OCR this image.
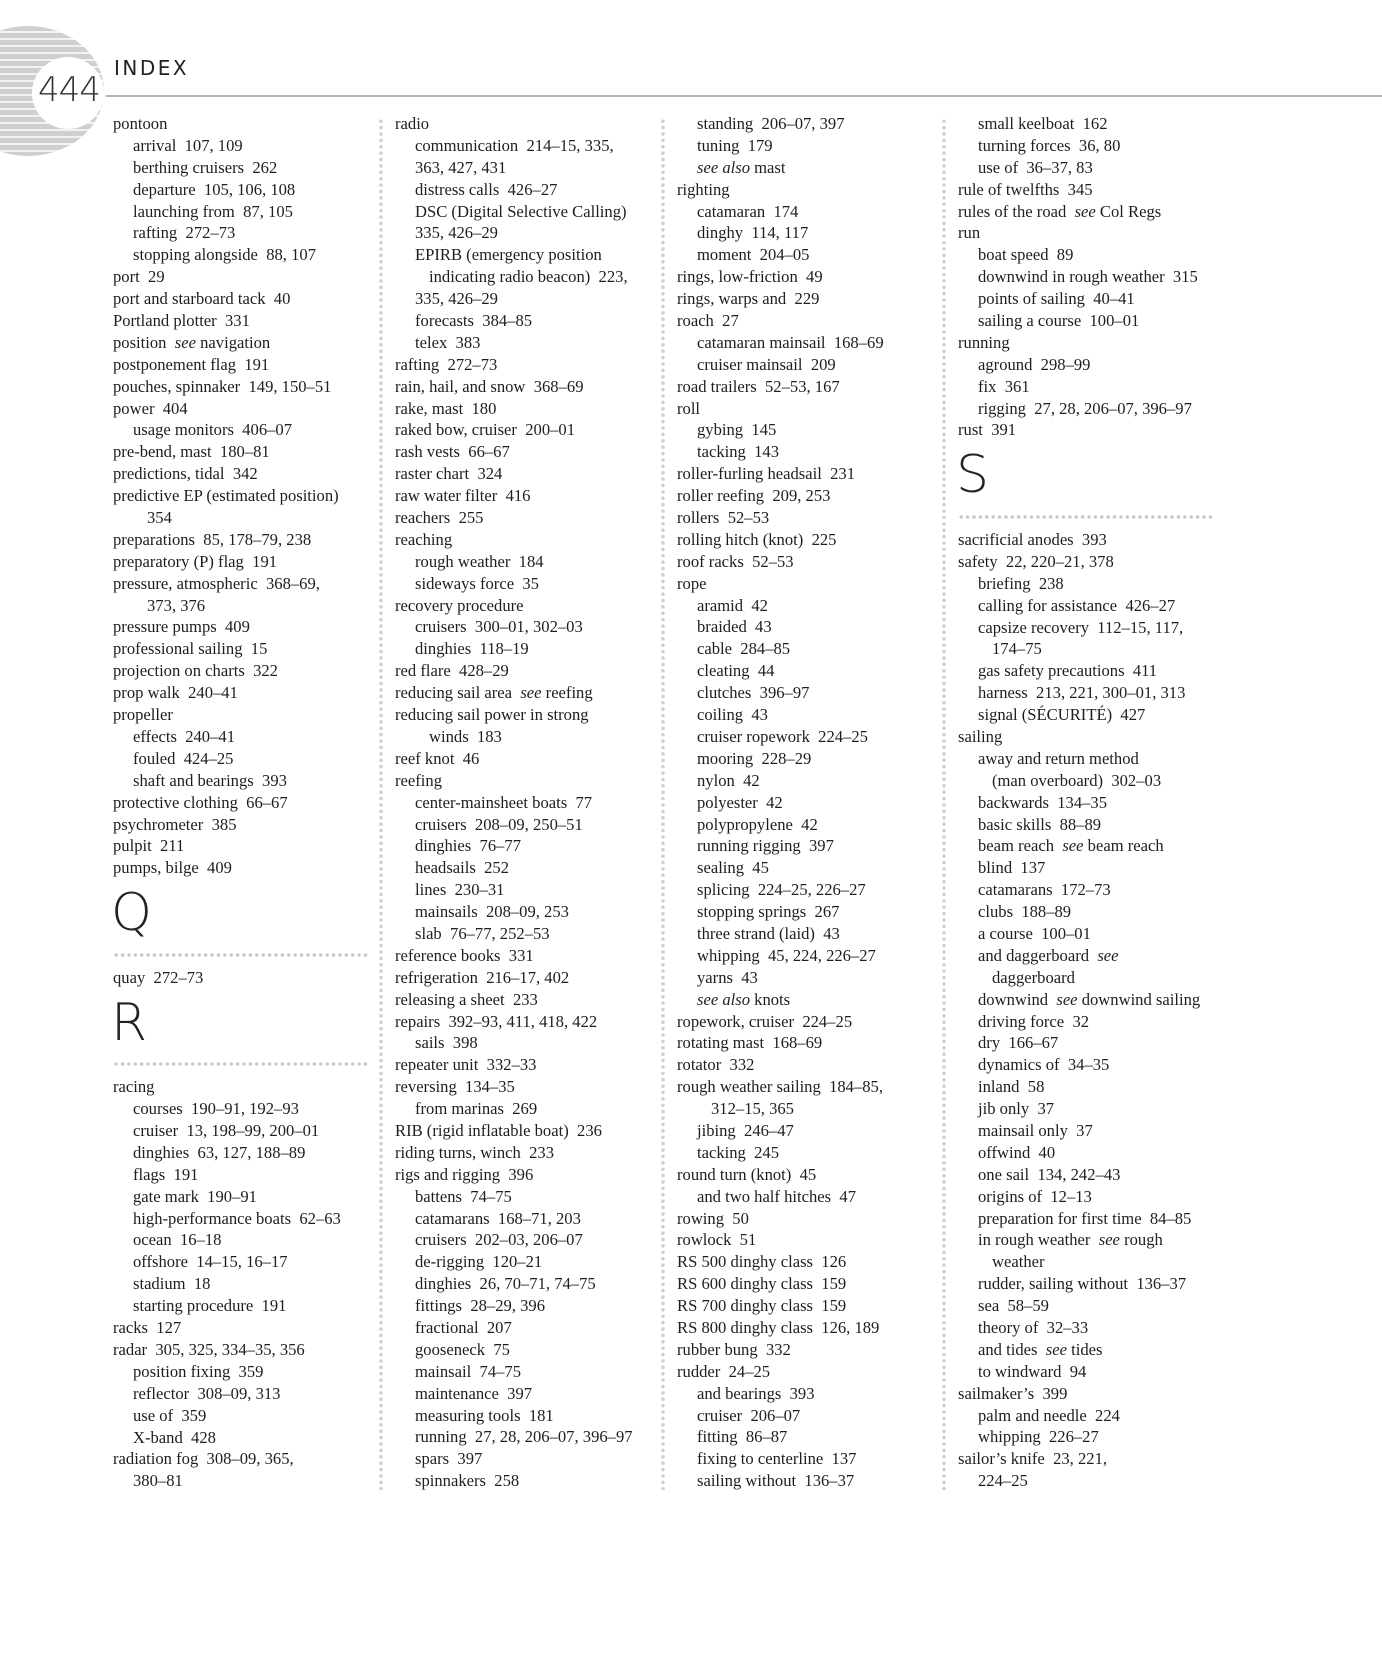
444
INDEX
pontoon
arrival  107, 109
berthing cruisers  262
departure  105, 106, 108
launching from  87, 105
rafting  272–73
stopping alongside  88, 107
port  29
port and starboard tack  40
Portland plotter  331
position  see navigation
postponement flag  191
pouches, spinnaker  149, 150–51
power  404
usage monitors  406–07
pre-bend, mast  180–81
predictions, tidal  342
predictive EP (estimated position)
354
preparations  85, 178–79, 238
preparatory (P) flag  191
pressure, atmospheric  368–69,
373, 376
pressure pumps  409
professional sailing  15
projection on charts  322
prop walk  240–41
propeller
effects  240–41
fouled  424–25
shaft and bearings  393
protective clothing  66–67
psychrometer  385
pulpit  211
pumps, bilge  409
Q
quay  272–73
R
racing
courses  190–91, 192–93
cruiser  13, 198–99, 200–01
dinghies  63, 127, 188–89
flags  191
gate mark  190–91
high-performance boats  62–63
ocean  16–18
offshore  14–15, 16–17
stadium  18
starting procedure  191
racks  127
radar  305, 325, 334–35, 356
position fixing  359
reflector  308–09, 313
use of  359
X-band  428
radiation fog  308–09, 365,
380–81
radio
communication  214–15, 335,
363, 427, 431
distress calls  426–27
DSC (Digital Selective Calling)
335, 426–29
EPIRB (emergency position
indicating radio beacon)  223,
335, 426–29
forecasts  384–85
telex  383
rafting  272–73
rain, hail, and snow  368–69
rake, mast  180
raked bow, cruiser  200–01
rash vests  66–67
raster chart  324
raw water filter  416
reachers  255
reaching
rough weather  184
sideways force  35
recovery procedure
cruisers  300–01, 302–03
dinghies  118–19
red flare  428–29
reducing sail area  see reefing
reducing sail power in strong
winds  183
reef knot  46
reefing
center-mainsheet boats  77
cruisers  208–09, 250–51
dinghies  76–77
headsails  252
lines  230–31
mainsails  208–09, 253
slab  76–77, 252–53
reference books  331
refrigeration  216–17, 402
releasing a sheet  233
repairs  392–93, 411, 418, 422
sails  398
repeater unit  332–33
reversing  134–35
from marinas  269
RIB (rigid inflatable boat)  236
riding turns, winch  233
rigs and rigging  396
battens  74–75
catamarans  168–71, 203
cruisers  202–03, 206–07
de-rigging  120–21
dinghies  26, 70–71, 74–75
fittings  28–29, 396
fractional  207
gooseneck  75
mainsail  74–75
maintenance  397
measuring tools  181
running  27, 28, 206–07, 396–97
spars  397
spinnakers  258
standing  206–07, 397
tuning  179
see also mast
righting
catamaran  174
dinghy  114, 117
moment  204–05
rings, low-friction  49
rings, warps and  229
roach  27
catamaran mainsail  168–69
cruiser mainsail  209
road trailers  52–53, 167
roll
gybing  145
tacking  143
roller-furling headsail  231
roller reefing  209, 253
rollers  52–53
rolling hitch (knot)  225
roof racks  52–53
rope
aramid  42
braided  43
cable  284–85
cleating  44
clutches  396–97
coiling  43
cruiser ropework  224–25
mooring  228–29
nylon  42
polyester  42
polypropylene  42
running rigging  397
sealing  45
splicing  224–25, 226–27
stopping springs  267
three strand (laid)  43
whipping  45, 224, 226–27
yarns  43
see also knots
ropework, cruiser  224–25
rotating mast  168–69
rotator  332
rough weather sailing  184–85,
312–15, 365
jibing  246–47
tacking  245
round turn (knot)  45
and two half hitches  47
rowing  50
rowlock  51
RS 500 dinghy class  126
RS 600 dinghy class  159
RS 700 dinghy class  159
RS 800 dinghy class  126, 189
rubber bung  332
rudder  24–25
and bearings  393
cruiser  206–07
fitting  86–87
fixing to centerline  137
sailing without  136–37
small keelboat  162
turning forces  36, 80
use of  36–37, 83
rule of twelfths  345
rules of the road  see Col Regs
run
boat speed  89
downwind in rough weather  315
points of sailing  40–41
sailing a course  100–01
running
aground  298–99
fix  361
rigging  27, 28, 206–07, 396–97
rust  391
S
sacrificial anodes  393
safety  22, 220–21, 378
briefing  238
calling for assistance  426–27
capsize recovery  112–15, 117,
174–75
gas safety precautions  411
harness  213, 221, 300–01, 313
signal (SÉCURITÉ)  427
sailing
away and return method
(man overboard)  302–03
backwards  134–35
basic skills  88–89
beam reach  see beam reach
blind  137
catamarans  172–73
clubs  188–89
a course  100–01
and daggerboard  see
daggerboard
downwind  see downwind sailing
driving force  32
dry  166–67
dynamics of  34–35
inland  58
jib only  37
mainsail only  37
offwind  40
one sail  134, 242–43
origins of  12–13
preparation for first time  84–85
in rough weather  see rough
weather
rudder, sailing without  136–37
sea  58–59
theory of  32–33
and tides  see tides
to windward  94
sailmaker’s  399
palm and needle  224
whipping  226–27
sailor’s knife  23, 221,
224–25
